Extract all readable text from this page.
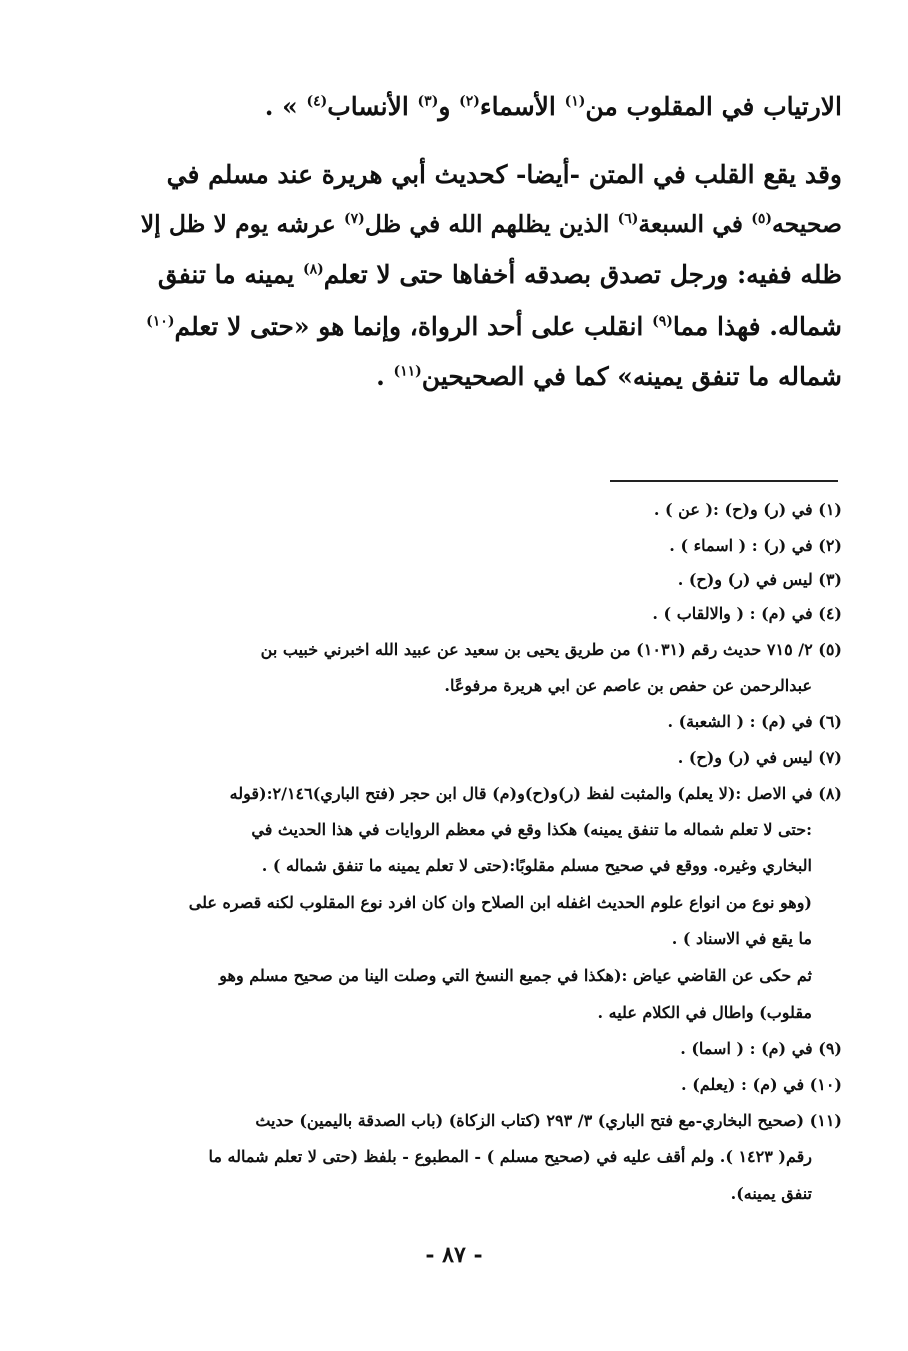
الارتياب في المقلوب من$^{(١)}$ الأسماء$^{(٢)}$ و$^{(٣)}$ الأنساب$^{(٤)}$ » .
وقد يقع القلب في المتن -أيضا- كحديث أبي هريرة عند مسلم في
صحيحه$^{(٥)}$ في السبعة$^{(٦)}$ الذين يظلهم الله في ظل$^{(٧)}$ عرشه يوم لا ظل إلا
ظله ففيه: ورجل تصدق بصدقه أخفاها حتى لا تعلم$^{(٨)}$ يمينه ما تنفق
شماله. فهذا مما$^{(٩)}$ انقلب على أحد الرواة، وإنما هو «حتى لا تعلم$^{(١٠)}$
شماله ما تنفق يمينه» كما في الصحيحين$^{(١١)}$ .
(١) في (ر) و(ح) :( عن ) .
(٢) في (ر) : ( اسماء ) .
(٣) ليس في (ر) و(ح) .
(٤) في (م) : ( والالقاب ) .
(٥) ٢/ ٧١٥ حديث رقم (١٠٣١) من طريق يحيى بن سعيد عن عبيد الله اخبرني خبيب بن
عبدالرحمن عن حفص بن عاصم عن ابي هريرة مرفوعًا.
(٦) في (م) : ( الشعبة) .
(٧) ليس في (ر) و(ح) .
(٨) في الاصل :(لا يعلم) والمثبت لفظ (ر)و(ح)و(م) قال ابن حجر (فتح الباري)٢/١٤٦:(قوله
:حتى لا تعلم شماله ما تنفق يمينه) هكذا وقع في معظم الروايات في هذا الحديث في
البخاري وغيره. ووقع في صحيح مسلم مقلوبًا:(حتى لا تعلم يمينه ما تنفق شماله ) .
(وهو نوع من انواع علوم الحديث اغفله ابن الصلاح وان كان افرد نوع المقلوب لكنه قصره على
ما يقع في الاسناد ) .
ثم حكى عن القاضي عياض :(هكذا في جميع النسخ التي وصلت الينا من صحيح مسلم وهو
مقلوب) واطال في الكلام عليه .
(٩) في (م) : ( اسما) .
(١٠) في (م) : (يعلم) .
(١١) (صحيح البخاري-مع فتح الباري) ٣/ ٢٩٣ (كتاب الزكاة) (باب الصدقة باليمين) حديث
رقم( ١٤٢٣ ). ولم أقف عليه في (صحيح مسلم ) - المطبوع - بلفظ (حتى لا تعلم شماله ما
تنفق يمينه).
- ٨٧ -
